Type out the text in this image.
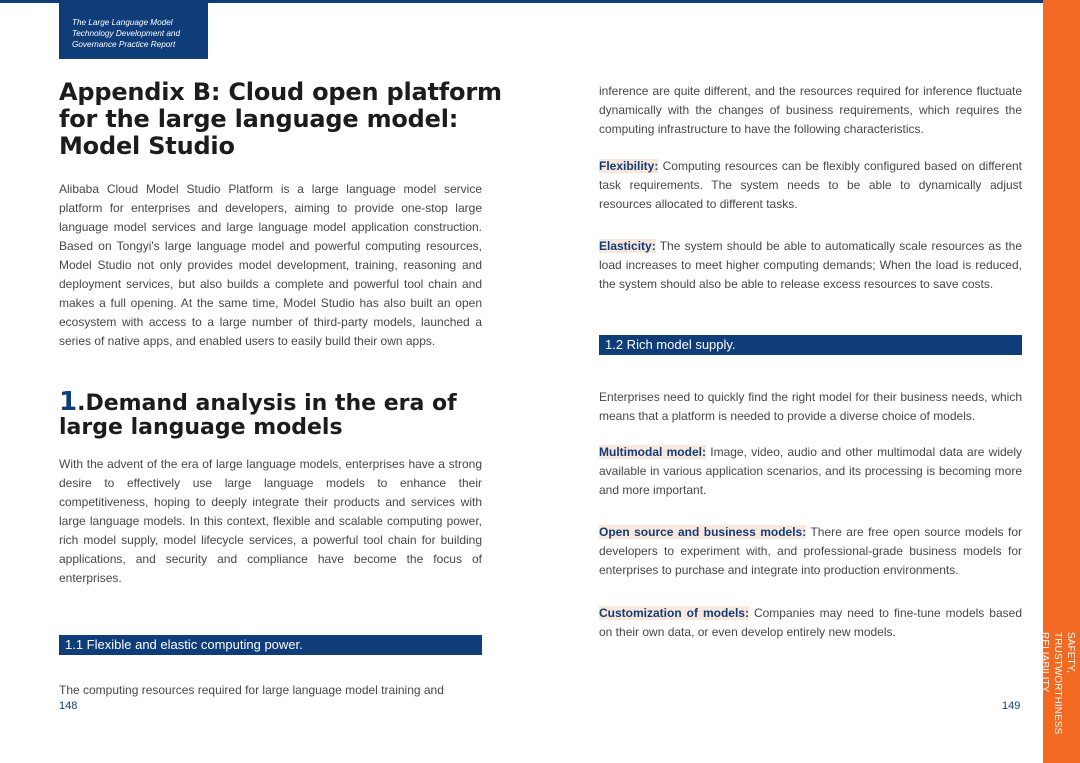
The Large Language Model
Technology Development and
Governance Practice Report
SAFETY, TRUSTWORTHINESS
RELIABILITY, USABILITY
Appendix B: Cloud open platform
for the large language model:
Model Studio

Alibaba Cloud Model Studio Platform is a large language model service platform for enterprises and developers, aiming to provide one-stop large language model services and large language model application construction. Based on Tongyi's large language model and powerful computing resources, Model Studio not only provides model development, training, reasoning and deployment services, but also builds a complete and powerful tool chain and makes a full opening. At the same time, Model Studio has also built an open ecosystem with access to a large number of third-party models, launched a series of native apps, and enabled users to easily build their own apps.

1.Demand analysis in the era of
large language models

With the advent of the era of large language models, enterprises have a strong desire to effectively use large language models to enhance their competitiveness, hoping to deeply integrate their products and services with large language models. In this context, flexible and scalable computing power, rich model supply, model lifecycle services, a powerful tool chain for building applications, and security and compliance have become the focus of enterprises.

1.1 Flexible and elastic computing power.

The computing resources required for large language model training and

148

inference are quite different, and the resources required for inference fluctuate dynamically with the changes of business requirements, which requires the computing infrastructure to have the following characteristics.

Flexibility: Computing resources can be flexibly configured based on different task requirements. The system needs to be able to dynamically adjust resources allocated to different tasks.

Elasticity: The system should be able to automatically scale resources as the load increases to meet higher computing demands; When the load is reduced, the system should also be able to release excess resources to save costs.

1.2 Rich model supply.

Enterprises need to quickly find the right model for their business needs, which means that a platform is needed to provide a diverse choice of models.

Multimodal model: Image, video, audio and other multimodal data are widely available in various application scenarios, and its processing is becoming more and more important.

Open source and business models: There are free open source models for developers to experiment with, and professional-grade business models for enterprises to purchase and integrate into production environments.

Customization of models: Companies may need to fine-tune models based on their own data, or even develop entirely new models.

149
